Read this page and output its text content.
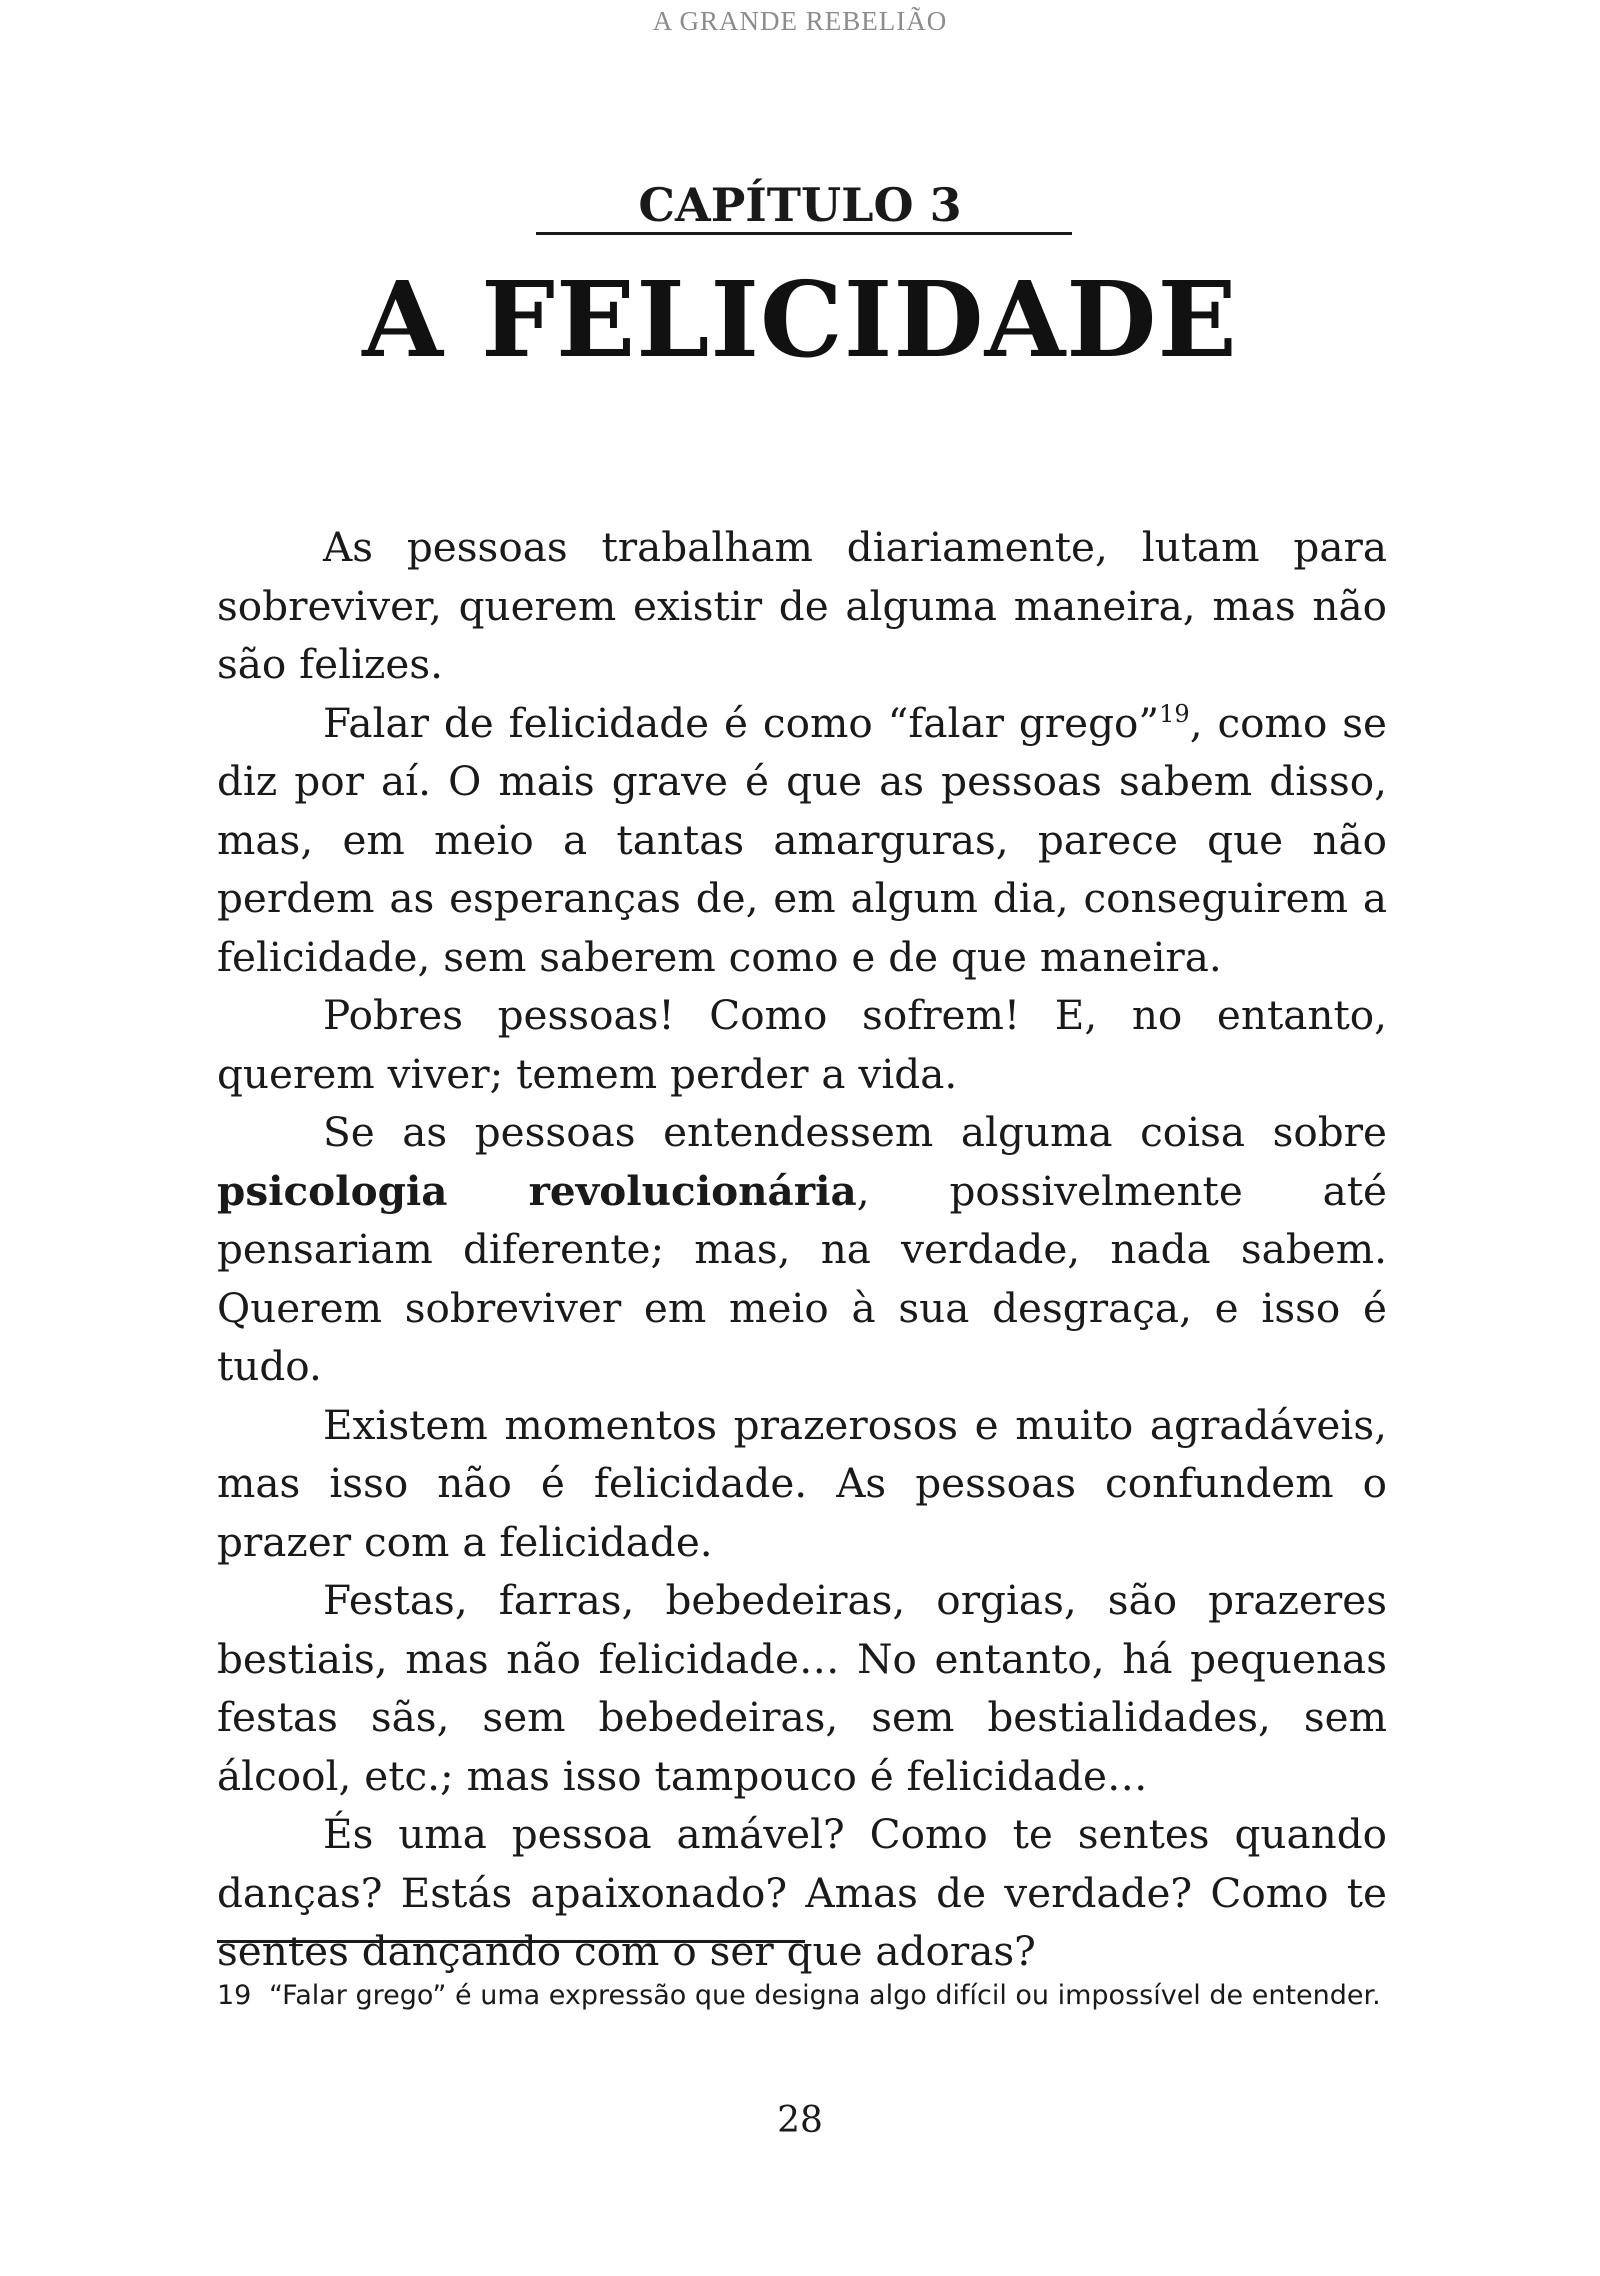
A GRANDE REBELIÃO
CAPÍTULO 3
A FELICIDADE

As pessoas trabalham diariamente, lutam para sobreviver, querem existir de alguma maneira, mas não são felizes.

Falar de felicidade é como “falar grego”$^{19}$, como se diz por aí. O mais grave é que as pessoas sabem disso, mas, em meio a tantas amarguras, parece que não perdem as esperanças de, em algum dia, conseguirem a felicidade, sem saberem como e de que maneira.

Pobres pessoas! Como sofrem! E, no entanto, querem viver; temem perder a vida.

Se as pessoas entendessem alguma coisa sobre psicologia revolucionária, possivelmente até pensariam diferente; mas, na verdade, nada sabem. Querem sobreviver em meio à sua desgraça, e isso é tudo.

Existem momentos prazerosos e muito agradáveis, mas isso não é felicidade. As pessoas confundem o prazer com a felicidade.

Festas, farras, bebedeiras, orgias, são prazeres bestiais, mas não felicidade… No entanto, há pequenas festas sãs, sem bebedeiras, sem bestialidades, sem álcool, etc.; mas isso tampouco é felicidade…

És uma pessoa amável? Como te sentes quando danças? Estás apaixonado? Amas de verdade? Como te sentes dançando com o ser que adoras?

19 “Falar grego” é uma expressão que designa algo difícil ou impossível de entender.
28
